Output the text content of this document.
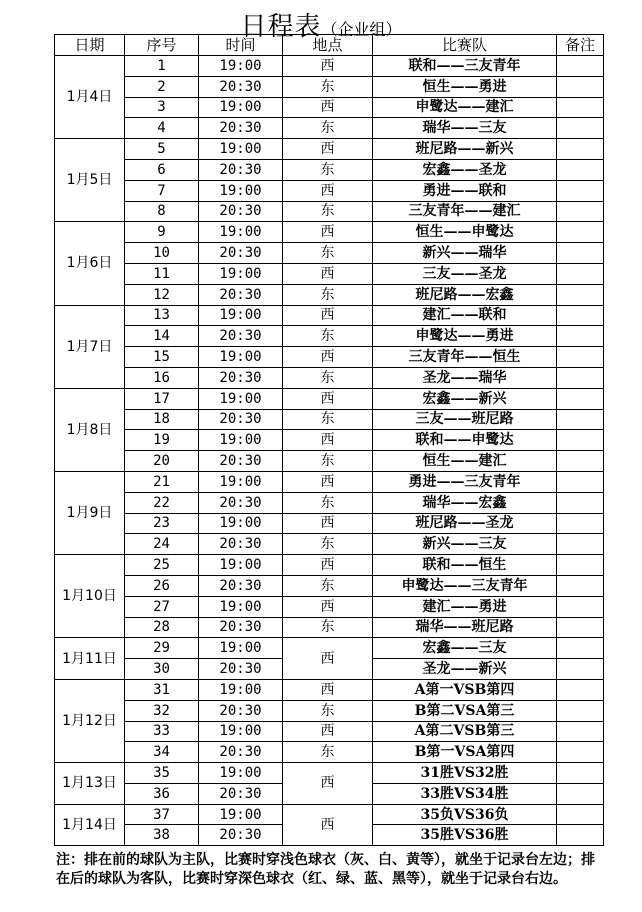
日程表（企业组）
日期	序号	时间	地点	比赛队	备注
1月4日	1	19:00	西	联和——三友青年	
	2	20:30	东	恒生——勇进	
	3	19:00	西	申鹭达——建汇	
	4	20:30	东	瑞华——三友	
1月5日	5	19:00	西	班尼路——新兴	
	6	20:30	东	宏鑫——圣龙	
	7	19:00	西	勇进——联和	
	8	20:30	东	三友青年——建汇	
1月6日	9	19:00	西	恒生——申鹭达	
	10	20:30	东	新兴——瑞华	
	11	19:00	西	三友——圣龙	
	12	20:30	东	班尼路——宏鑫	
1月7日	13	19:00	西	建汇——联和	
	14	20:30	东	申鹭达——勇进	
	15	19:00	西	三友青年——恒生	
	16	20:30	东	圣龙——瑞华	
1月8日	17	19:00	西	宏鑫——新兴	
	18	20:30	东	三友——班尼路	
	19	19:00	西	联和——申鹭达	
	20	20:30	东	恒生——建汇	
1月9日	21	19:00	西	勇进——三友青年	
	22	20:30	东	瑞华——宏鑫	
	23	19:00	西	班尼路——圣龙	
	24	20:30	东	新兴——三友	
1月10日	25	19:00	西	联和——恒生	
	26	20:30	东	申鹭达——三友青年	
	27	19:00	西	建汇——勇进	
	28	20:30	东	瑞华——班尼路	
1月11日	29	19:00	西	宏鑫——三友	
	30	20:30		圣龙——新兴	
1月12日	31	19:00	西	A第一VSB第四	
	32	20:30	东	B第二VSA第三	
	33	19:00	西	A第二VSB第三	
	34	20:30	东	B第一VSA第四	
1月13日	35	19:00	西	31胜VS32胜	
	36	20:30		33胜VS34胜	
1月14日	37	19:00	西	35负VS36负	
	38	20:30		35胜VS36胜	
注：排在前的球队为主队，比赛时穿浅色球衣（灰、白、黄等），就坐于记录台左边；排在后的球队为客队，比赛时穿深色球衣（红、绿、蓝、黑等），就坐于记录台右边。
